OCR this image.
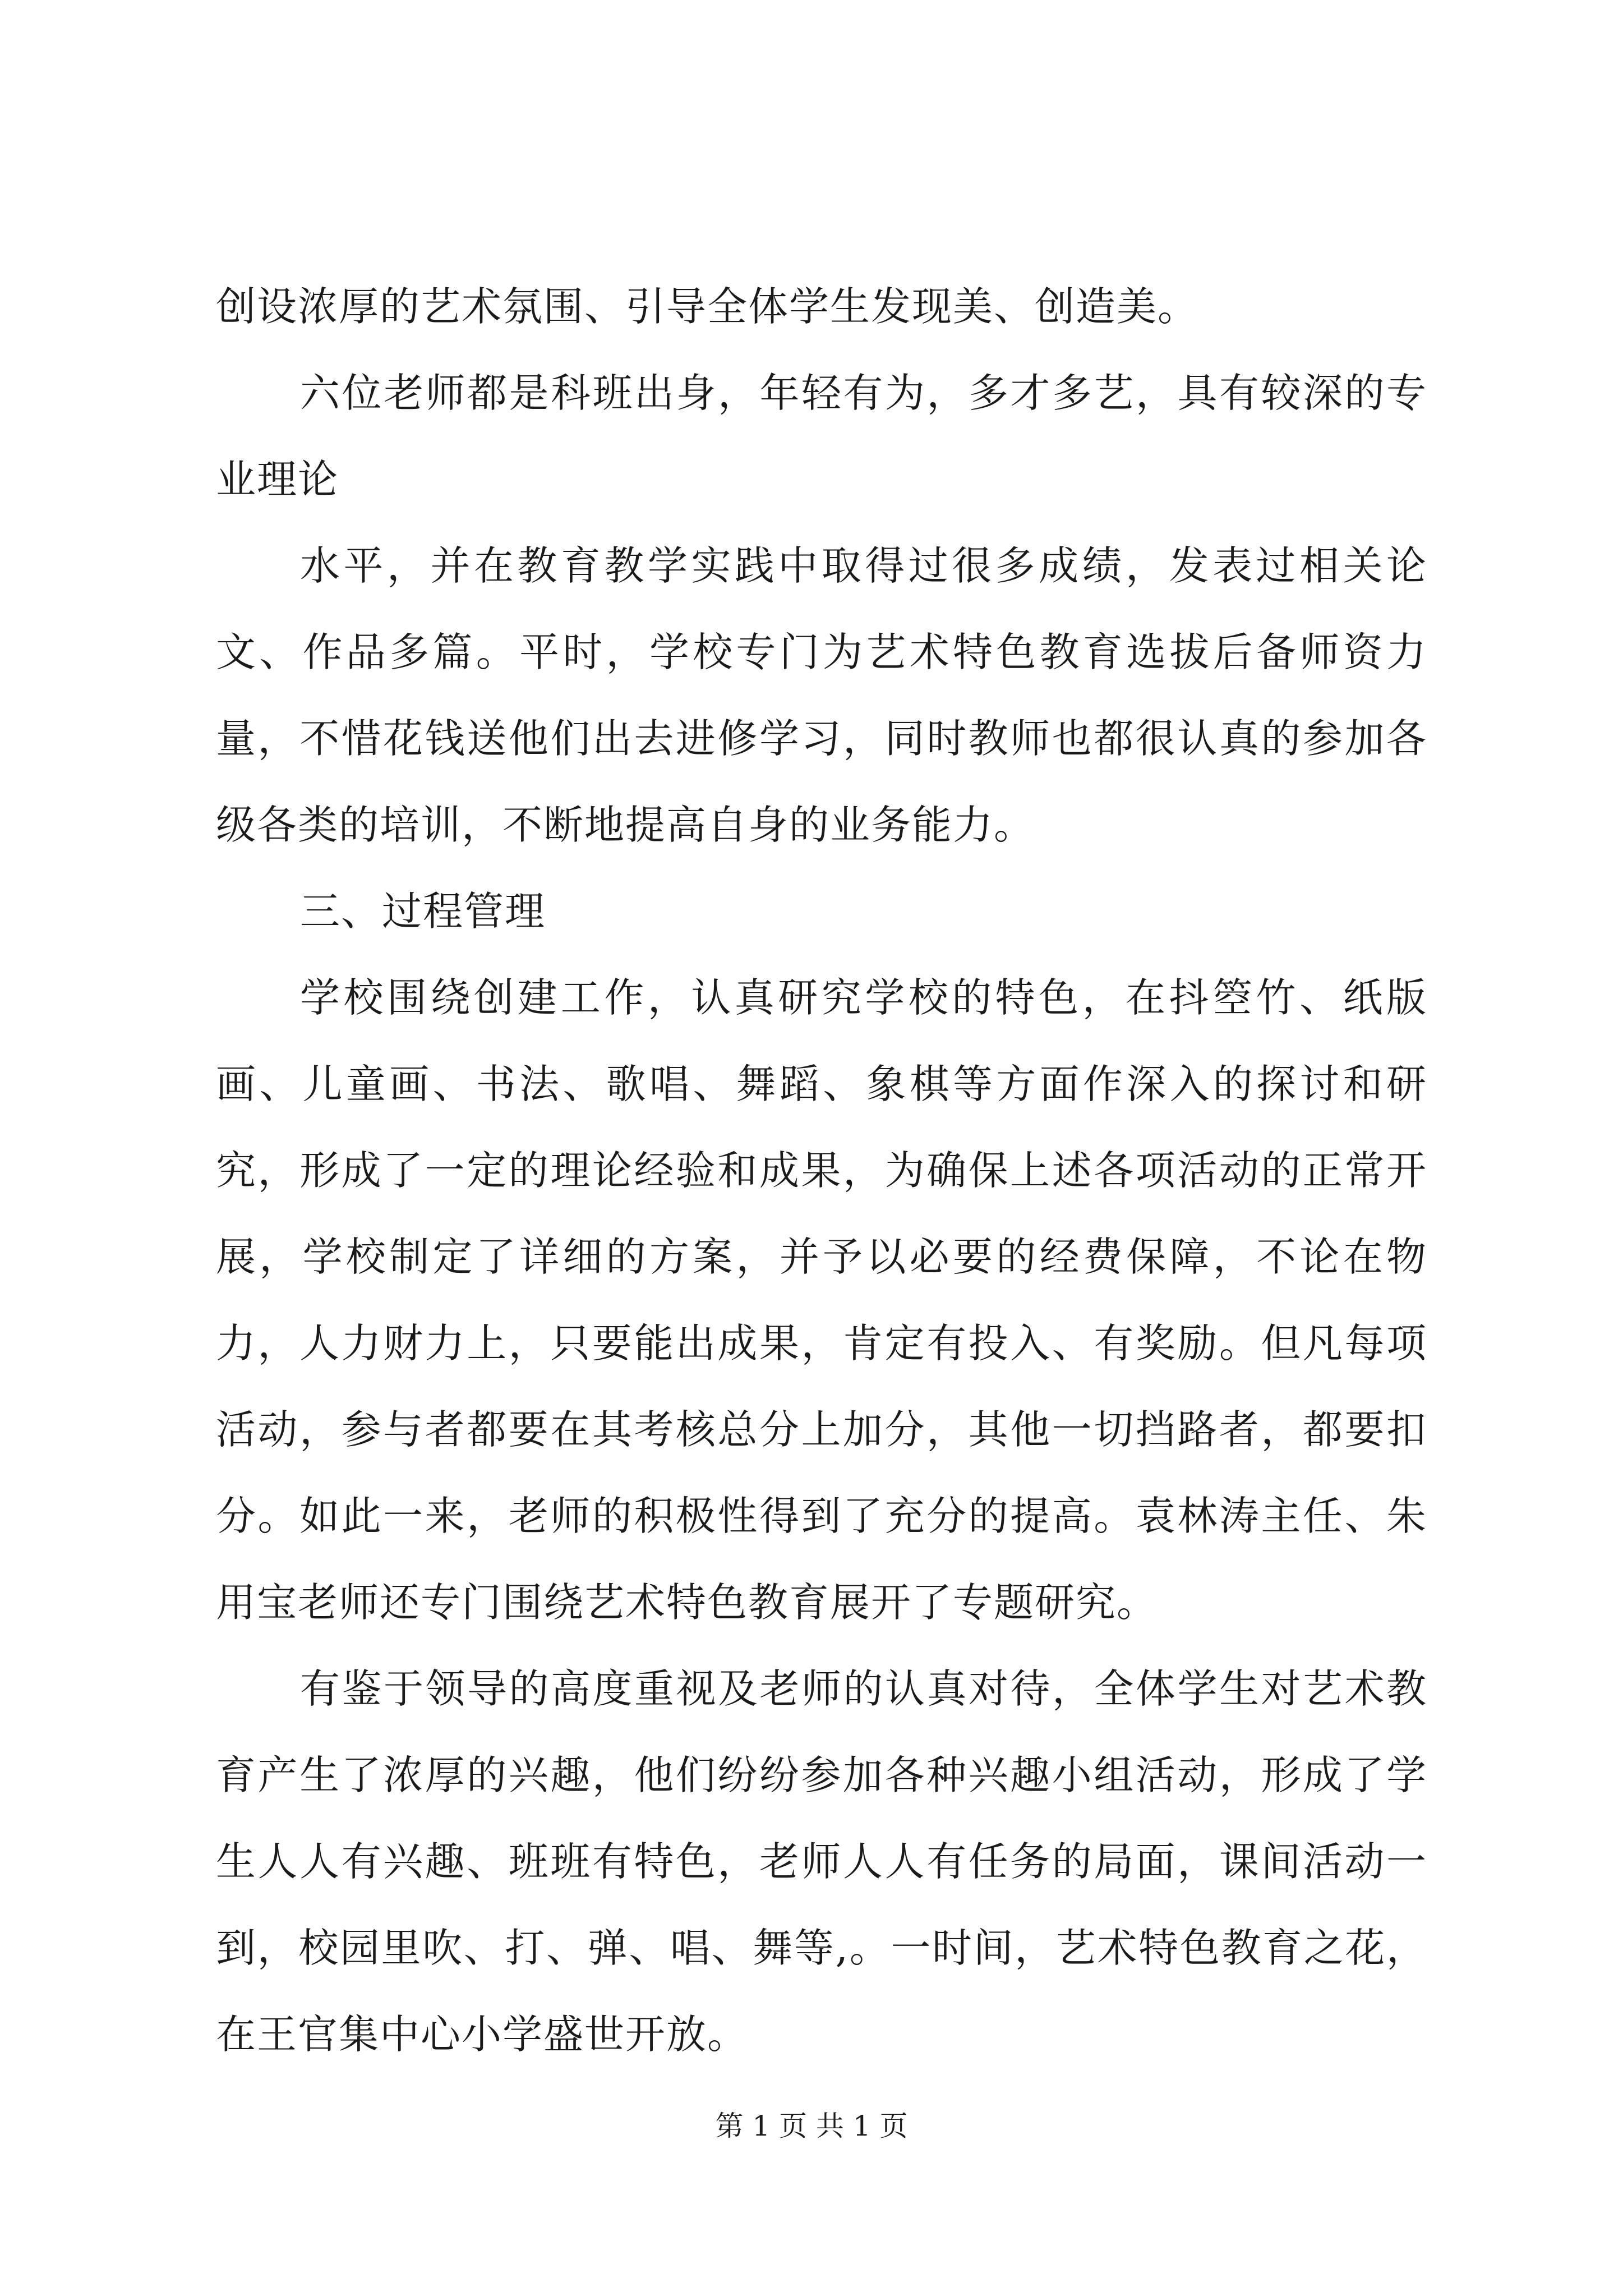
创设浓厚的艺术氛围、引导全体学生发现美、创造美。

六位老师都是科班出身，年轻有为，多才多艺，具有较深的专业理论

水平，并在教育教学实践中取得过很多成绩，发表过相关论文、作品多篇。平时，学校专门为艺术特色教育选拔后备师资力量，不惜花钱送他们出去进修学习，同时教师也都很认真的参加各级各类的培训，不断地提高自身的业务能力。

三、过程管理

学校围绕创建工作，认真研究学校的特色，在抖箜竹、纸版画、儿童画、书法、歌唱、舞蹈、象棋等方面作深入的探讨和研究，形成了一定的理论经验和成果，为确保上述各项活动的正常开展，学校制定了详细的方案，并予以必要的经费保障，不论在物力，人力财力上，只要能出成果，肯定有投入、有奖励。但凡每项活动，参与者都要在其考核总分上加分，其他一切挡路者，都要扣分。如此一来，老师的积极性得到了充分的提高。袁林涛主任、朱用宝老师还专门围绕艺术特色教育展开了专题研究。

有鉴于领导的高度重视及老师的认真对待，全体学生对艺术教育产生了浓厚的兴趣，他们纷纷参加各种兴趣小组活动，形成了学生人人有兴趣、班班有特色，老师人人有任务的局面，课间活动一到，校园里吹、打、弹、唱、舞等,。一时间，艺术特色教育之花，在王官集中心小学盛世开放。

第 1 页 共 1 页
